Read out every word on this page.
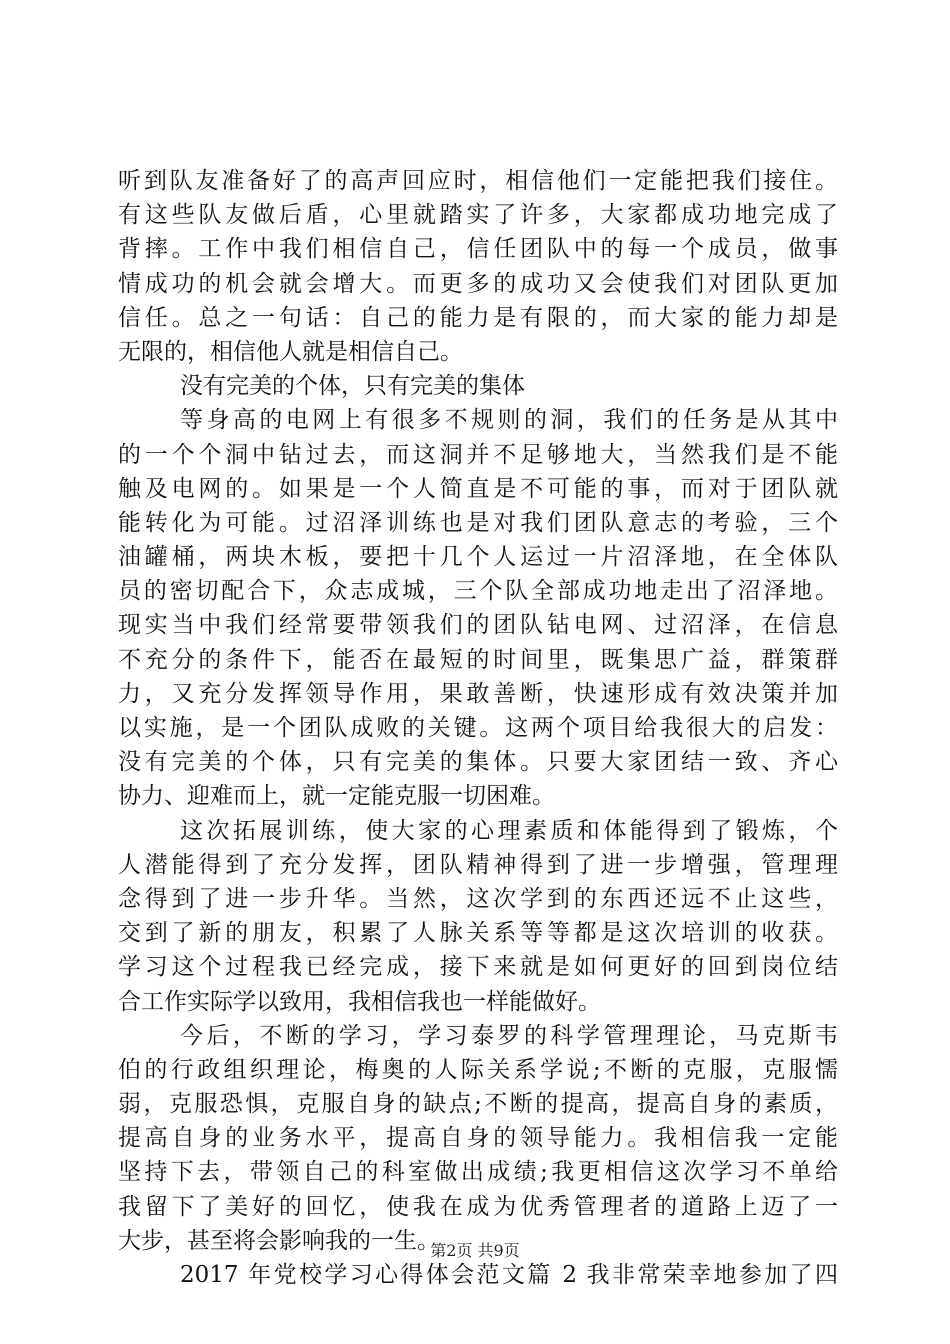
听到队友准备好了的高声回应时，相信他们一定能把我们接住。
有这些队友做后盾，心里就踏实了许多，大家都成功地完成了
背摔。工作中我们相信自己，信任团队中的每一个成员，做事
情成功的机会就会增大。而更多的成功又会使我们对团队更加
信任。总之一句话：自己的能力是有限的，而大家的能力却是
无限的，相信他人就是相信自己。
没有完美的个体，只有完美的集体
等身高的电网上有很多不规则的洞，我们的任务是从其中
的一个个洞中钻过去，而这洞并不足够地大，当然我们是不能
触及电网的。如果是一个人简直是不可能的事，而对于团队就
能转化为可能。过沼泽训练也是对我们团队意志的考验，三个
油罐桶，两块木板，要把十几个人运过一片沼泽地，在全体队
员的密切配合下，众志成城，三个队全部成功地走出了沼泽地。
现实当中我们经常要带领我们的团队钻电网、过沼泽，在信息
不充分的条件下，能否在最短的时间里，既集思广益，群策群
力，又充分发挥领导作用，果敢善断，快速形成有效决策并加
以实施，是一个团队成败的关键。这两个项目给我很大的启发：
没有完美的个体，只有完美的集体。只要大家团结一致、齐心
协力、迎难而上，就一定能克服一切困难。
这次拓展训练，使大家的心理素质和体能得到了锻炼，个
人潜能得到了充分发挥，团队精神得到了进一步增强，管理理
念得到了进一步升华。当然，这次学到的东西还远不止这些，
交到了新的朋友，积累了人脉关系等等都是这次培训的收获。
学习这个过程我已经完成，接下来就是如何更好的回到岗位结
合工作实际学以致用，我相信我也一样能做好。
今后，不断的学习，学习泰罗的科学管理理论，马克斯韦
伯的行政组织理论，梅奥的人际关系学说;不断的克服，克服懦
弱，克服恐惧，克服自身的缺点;不断的提高，提高自身的素质，
提高自身的业务水平，提高自身的领导能力。我相信我一定能
坚持下去，带领自己的科室做出成绩;我更相信这次学习不单给
我留下了美好的回忆，使我在成为优秀管理者的道路上迈了一
大步，甚至将会影响我的一生。
2017 年党校学习心得体会范文篇 2 我非常荣幸地参加了四
第2页 共9页
